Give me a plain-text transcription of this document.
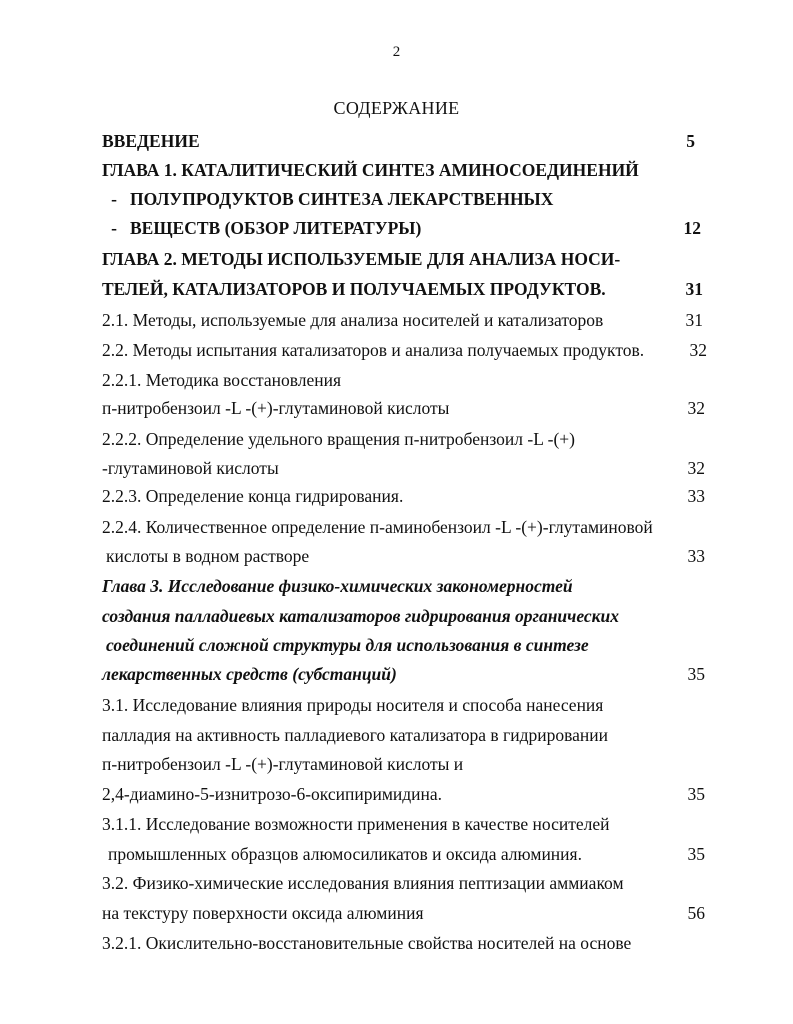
2
СОДЕРЖАНИЕ
ВВЕДЕНИЕ	5
ГЛАВА 1. КАТАЛИТИЧЕСКИЙ СИНТЕЗ АМИНОСОЕДИНЕНИЙ
- ПОЛУПРОДУКТОВ СИНТЕЗА ЛЕКАРСТВЕННЫХ
- ВЕЩЕСТВ (ОБЗОР ЛИТЕРАТУРЫ)	12
ГЛАВА 2. МЕТОДЫ ИСПОЛЬЗУЕМЫЕ ДЛЯ АНАЛИЗА НОСИ-
ТЕЛЕЙ, КАТАЛИЗАТОРОВ И ПОЛУЧАЕМЫХ ПРОДУКТОВ.	31
2.1. Методы, используемые для анализа носителей и катализаторов	31
2.2. Методы испытания катализаторов и анализа получаемых продуктов.	32
2.2.1. Методика восстановления
п-нитробензоил -L -(+)-глутаминовой кислоты	32
2.2.2. Определение удельного вращения п-нитробензоил -L -(+)
-глутаминовой кислоты	32
2.2.3. Определение конца гидрирования.	33
2.2.4. Количественное определение п-аминобензоил -L -(+)-глутаминовой
кислоты в водном растворе	33
Глава 3. Исследование физико-химических закономерностей
создания палладиевых катализаторов гидрирования органических
соединений сложной структуры для использования в синтезе
лекарственных средств (субстанций)	35
3.1. Исследование влияния природы носителя и способа нанесения
палладия на активность палладиевого катализатора в гидрировании
п-нитробензоил -L -(+)-глутаминовой кислоты и
2,4-диамино-5-изнитрозо-6-оксипиримидина.	35
3.1.1. Исследование возможности применения в качестве носителей
промышленных образцов алюмосиликатов и оксида алюминия.	35
3.2. Физико-химические исследования влияния пептизации аммиаком
на текстуру поверхности оксида алюминия	56
3.2.1. Окислительно-восстановительные свойства носителей на основе
